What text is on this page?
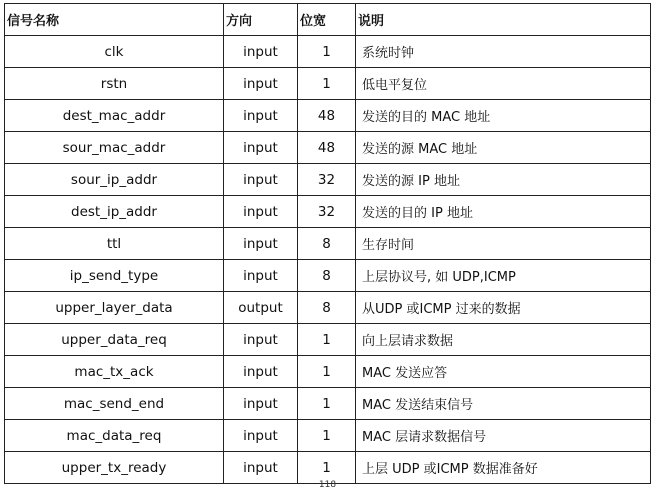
信号名称	方向	位宽	说明
clk	input	1	系统时钟
rstn	input	1	低电平复位
dest_mac_addr	input	48	发送的目的 MAC 地址
sour_mac_addr	input	48	发送的源 MAC 地址
sour_ip_addr	input	32	发送的源 IP 地址
dest_ip_addr	input	32	发送的目的 IP 地址
ttl	input	8	生存时间
ip_send_type	input	8	上层协议号, 如 UDP,ICMP
upper_layer_data	output	8	从UDP 或ICMP 过来的数据
upper_data_req	input	1	向上层请求数据
mac_tx_ack	input	1	MAC 发送应答
mac_send_end	input	1	MAC 发送结束信号
mac_data_req	input	1	MAC 层请求数据信号
upper_tx_ready	input	1	上层 UDP 或ICMP 数据准备好
118
